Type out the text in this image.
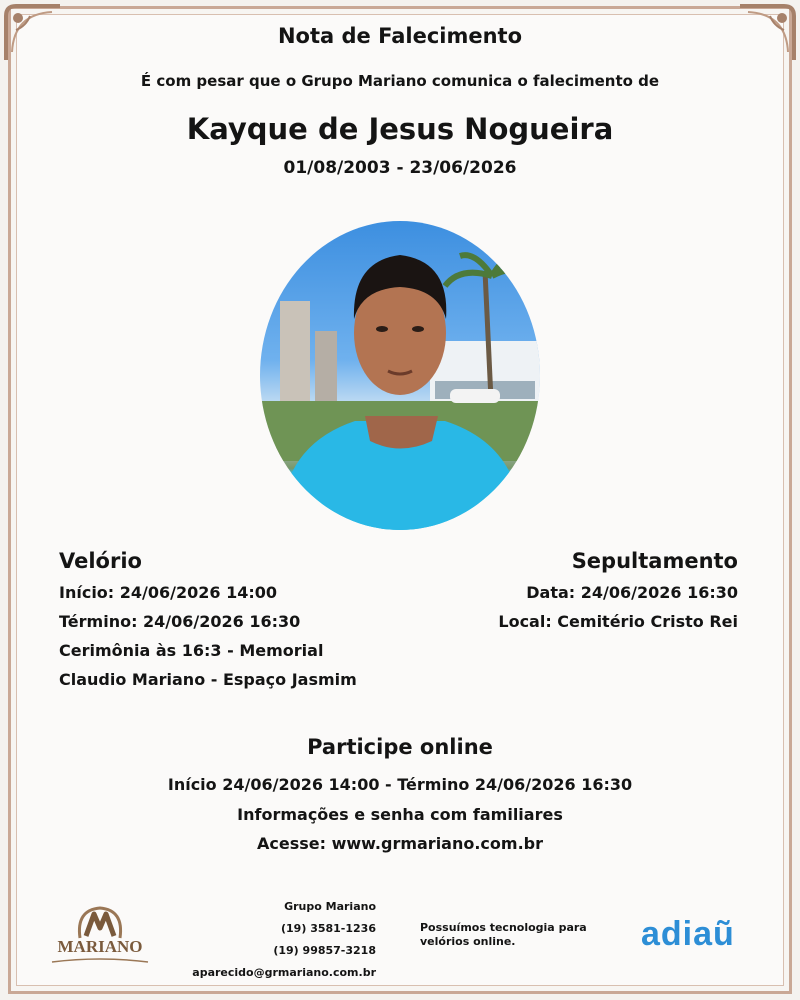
Nota de Falecimento
É com pesar que o Grupo Mariano comunica o falecimento de
Kayque de Jesus Nogueira
01/08/2003 - 23/06/2026
Velório
Início: 24/06/2026 14:00
Término: 24/06/2026 16:30
Cerimônia às 16:3 - Memorial
Claudio Mariano - Espaço Jasmim
Sepultamento
Data: 24/06/2026 16:30
Local: Cemitério Cristo Rei
Participe online
Início 24/06/2026 14:00 - Término 24/06/2026 16:30
Informações e senha com familiares
Acesse: www.grmariano.com.br
MARIANO
Grupo Mariano
(19) 3581-1236
(19) 99857-3218
aparecido@grmariano.com.br
Possuímos tecnologia para velórios online.	adiaũ
